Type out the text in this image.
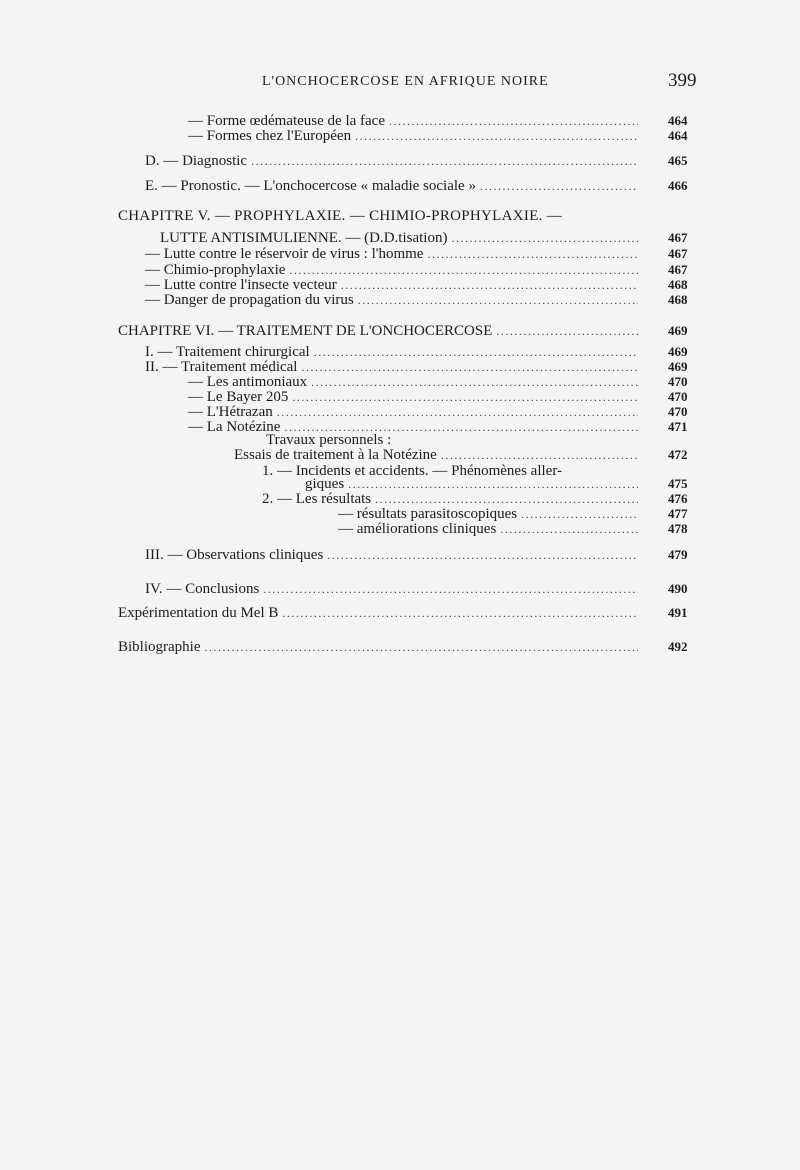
L'ONCHOCERCOSE EN AFRIQUE NOIRE	399
— Forme œdémateuse de la face .....	464
— Formes chez l'Européen .....	464
D. — Diagnostic .....	465
E. — Pronostic. — L'onchocercose « maladie sociale » .....	466
CHAPITRE V. — PROPHYLAXIE. — CHIMIO-PROPHYLAXIE. —
LUTTE ANTISIMULIENNE. — (D.D.tisation) .....	467
— Lutte contre le réservoir de virus : l'homme .....	467
— Chimio-prophylaxie .....	467
— Lutte contre l'insecte vecteur .....	468
— Danger de propagation du virus .....	468
CHAPITRE VI. — TRAITEMENT DE L'ONCHOCERCOSE .....	469
I. — Traitement chirurgical .....	469
II. — Traitement médical .....	469
— Les antimoniaux .....	470
— Le Bayer 205 .....	470
— L'Hétrazan .....	470
— La Notézine .....	471
Travaux personnels :
Essais de traitement à la Notézine .....	472
1. — Incidents et accidents. — Phénomènes aller-
giques .....	475
2. — Les résultats .....	476
— résultats parasitoscopiques .....	477
— améliorations cliniques .....	478
III. — Observations cliniques .....	479
IV. — Conclusions .....	490
Expérimentation du Mel B .....	491
Bibliographie .....	492
